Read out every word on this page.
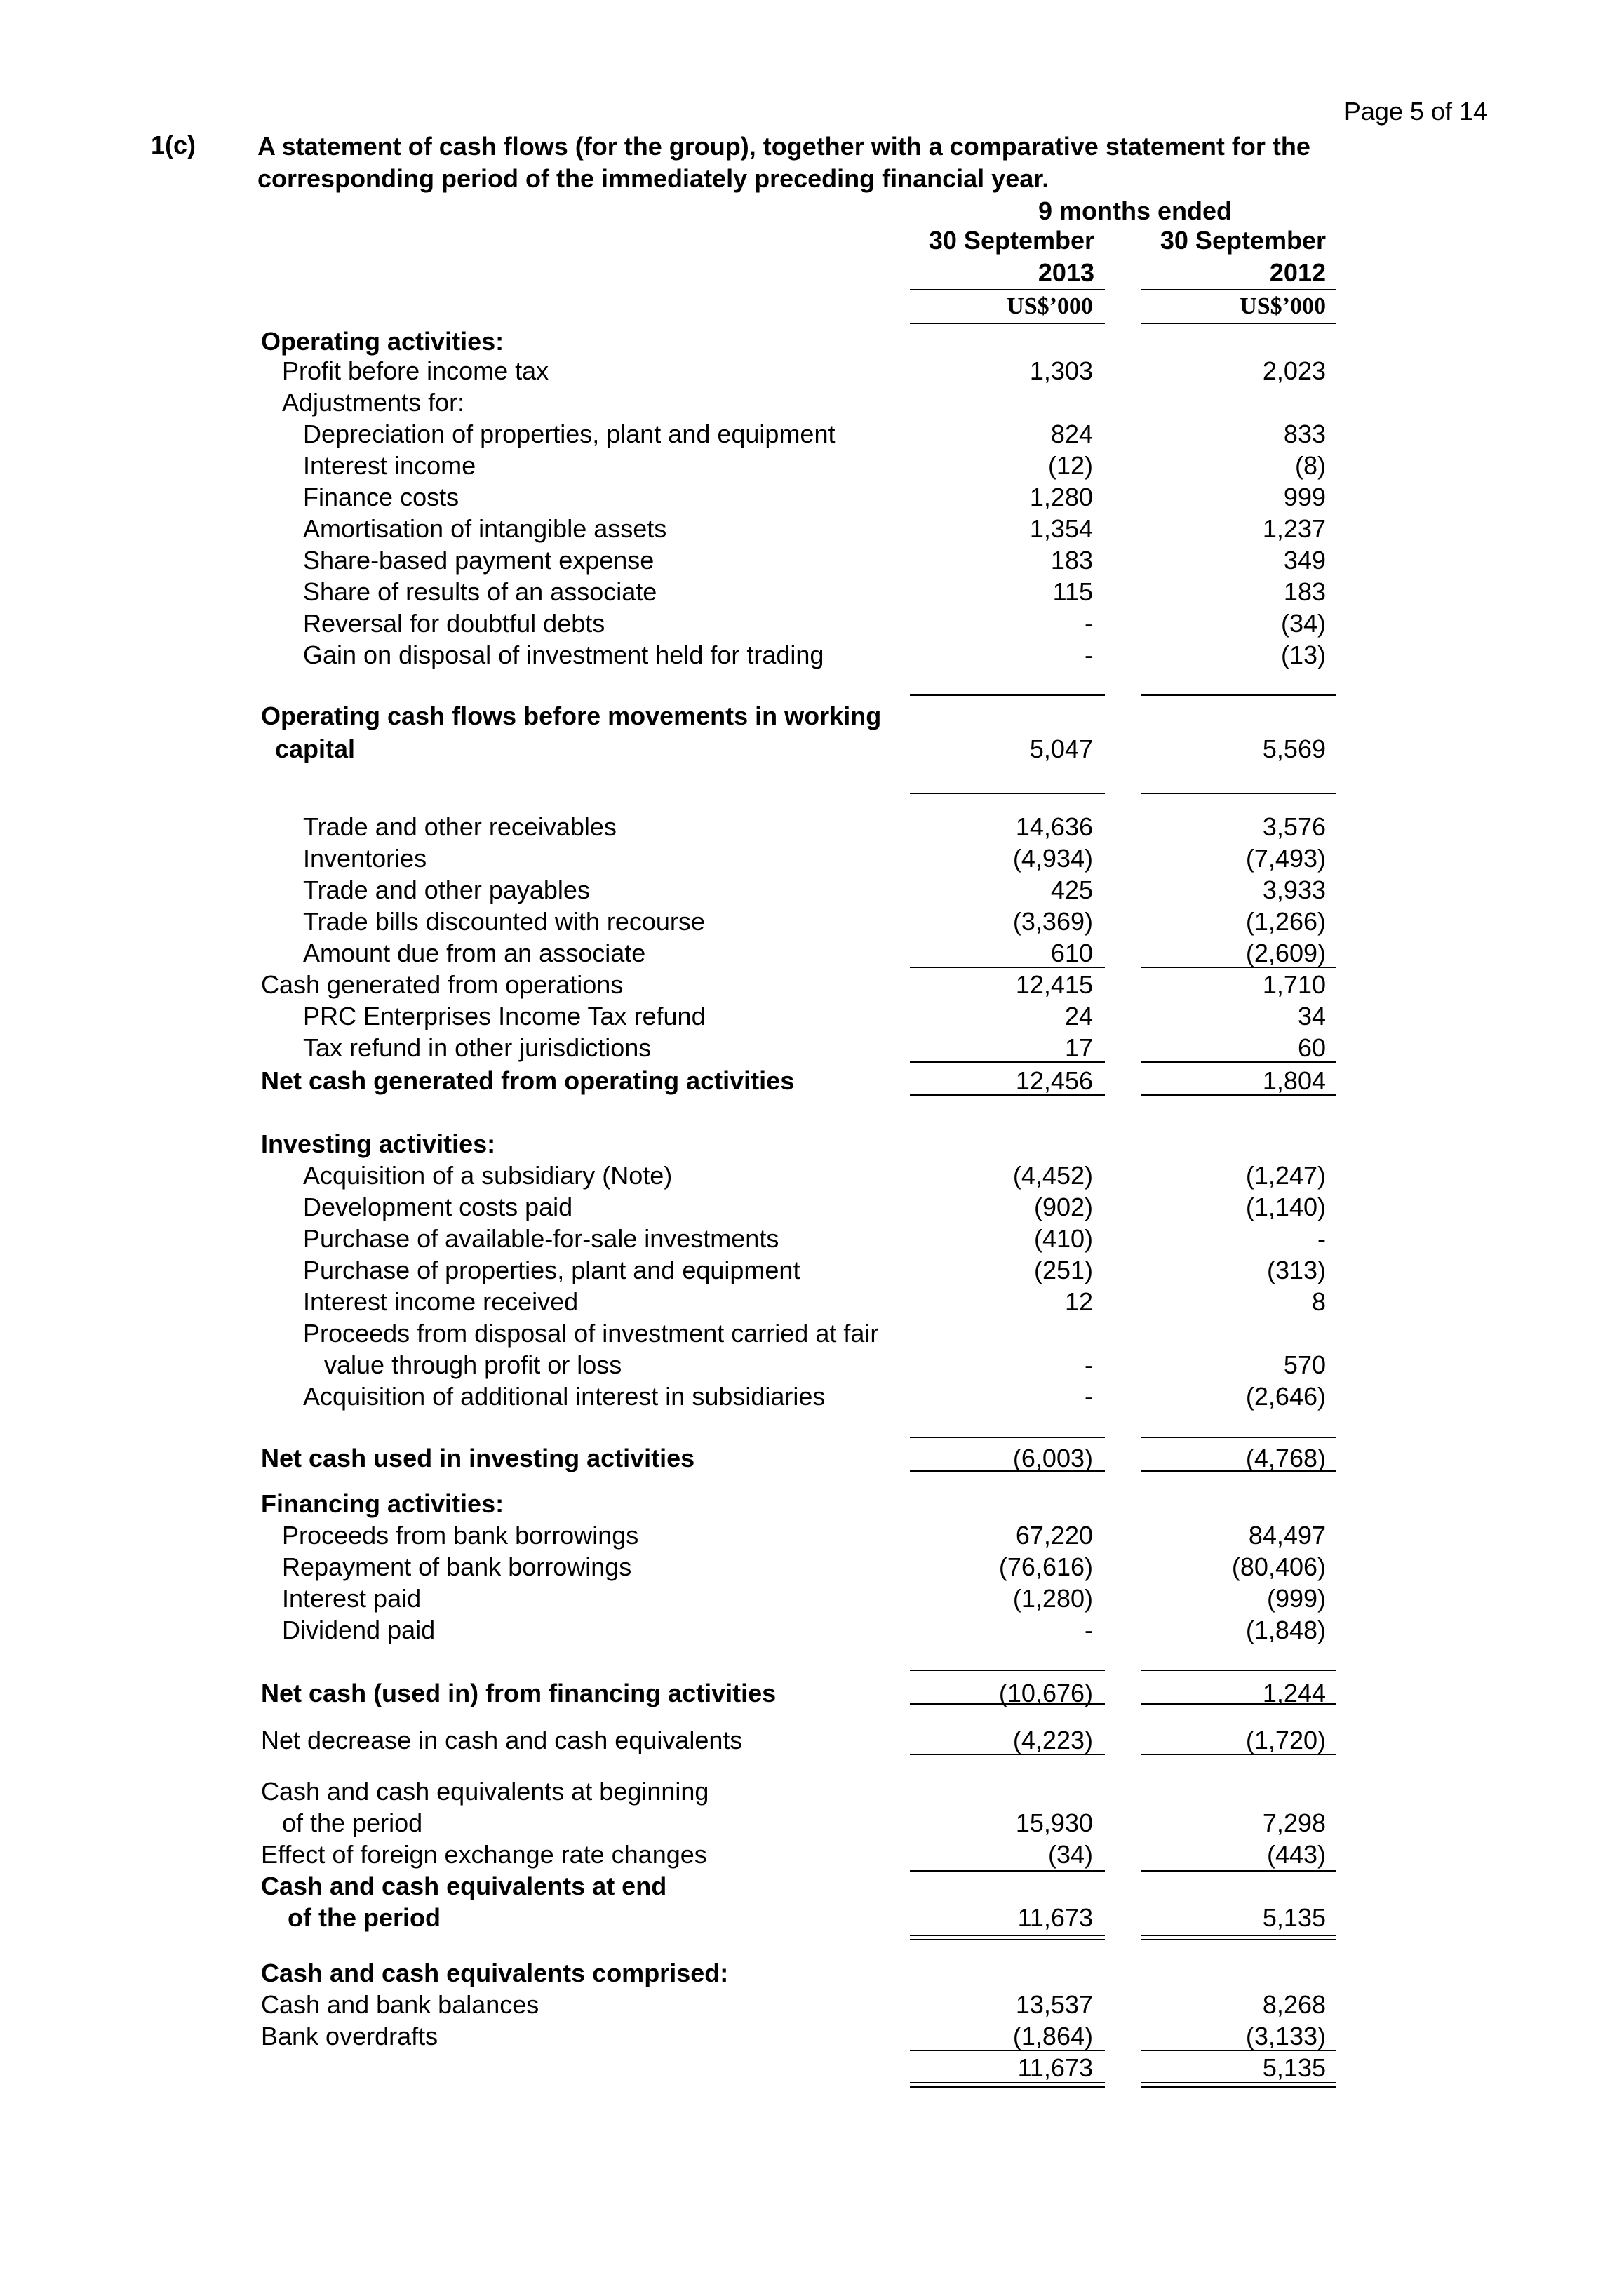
Page 5 of 14
1(c) A statement of cash flows (for the group), together with a comparative statement for the corresponding period of the immediately preceding financial year.
9 months ended
30 September
2013
30 September
2012
US$’000	US$’000
Operating activities:
Profit before income tax	1,303	2,023
Adjustments for:
Depreciation of properties, plant and equipment	824	833
Interest income	(12)	(8)
Finance costs	1,280	999
Amortisation of intangible assets	1,354	1,237
Share-based payment expense	183	349
Share of results of an associate	115	183
Reversal for doubtful debts	-	(34)
Gain on disposal of investment held for trading	-	(13)
Operating cash flows before movements in working
capital	5,047	5,569
Trade and other receivables	14,636	3,576
Inventories	(4,934)	(7,493)
Trade and other payables	425	3,933
Trade bills discounted with recourse	(3,369)	(1,266)
Amount due from an associate	610	(2,609)
Cash generated from operations	12,415	1,710
PRC Enterprises Income Tax refund	24	34
Tax refund in other jurisdictions	17	60
Net cash generated from operating activities	12,456	1,804
Investing activities:
Acquisition of a subsidiary (Note)	(4,452)	(1,247)
Development costs paid	(902)	(1,140)
Purchase of available-for-sale investments	(410)	-
Purchase of properties, plant and equipment	(251)	(313)
Interest income received	12	8
Proceeds from disposal of investment carried at fair
value through profit or loss	-	570
Acquisition of additional interest in subsidiaries	-	(2,646)
Net cash used in investing activities	(6,003)	(4,768)
Financing activities:
Proceeds from bank borrowings	67,220	84,497
Repayment of bank borrowings	(76,616)	(80,406)
Interest paid	(1,280)	(999)
Dividend paid	-	(1,848)
Net cash (used in) from financing activities	(10,676)	1,244
Net decrease in cash and cash equivalents	(4,223)	(1,720)
Cash and cash equivalents at beginning
of the period	15,930	7,298
Effect of foreign exchange rate changes	(34)	(443)
Cash and cash equivalents at end
of the period	11,673	5,135
Cash and cash equivalents comprised:
Cash and bank balances	13,537	8,268
Bank overdrafts	(1,864)	(3,133)
11,673	5,135
